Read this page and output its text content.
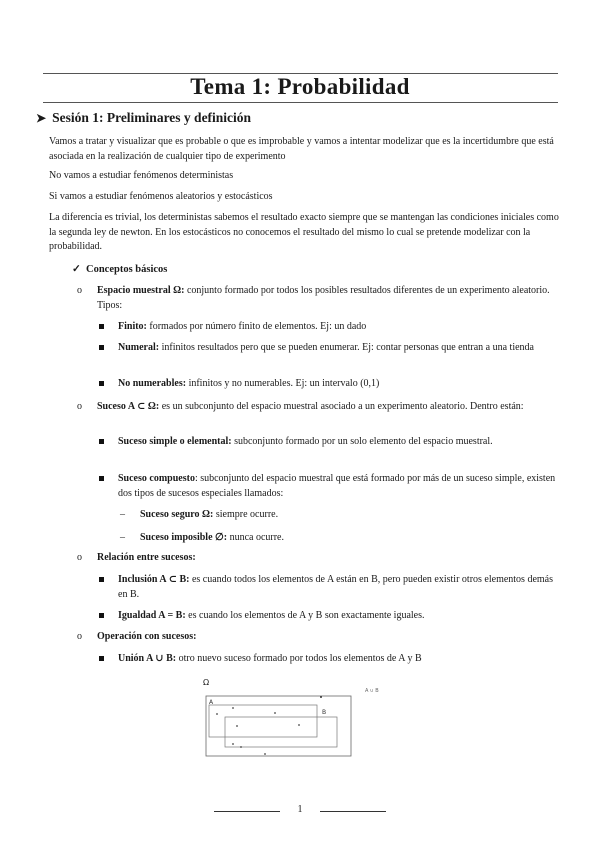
Tema 1: Probabilidad
➤ Sesión 1: Preliminares y definición
Vamos a tratar y visualizar que es probable o que es improbable y vamos a intentar modelizar que es la incertidumbre que está asociada en la realización de cualquier tipo de experimento
No vamos a estudiar fenómenos deterministas
Si vamos a estudiar fenómenos aleatorios y estocásticos
La diferencia es trivial, los deterministas sabemos el resultado exacto siempre que se mantengan las condiciones iniciales como la segunda ley de newton. En los estocásticos no conocemos el resultado del mismo lo cual se pretende modelizar con la probabilidad.
✓ Conceptos básicos
o Espacio muestral Ω: conjunto formado por todos los posibles resultados diferentes de un experimento aleatorio. Tipos:
Finito: formados por número finito de elementos. Ej: un dado
Numeral: infinitos resultados pero que se pueden enumerar. Ej: contar personas que entran a una tienda
No numerables: infinitos y no numerables. Ej: un intervalo (0,1)
o Suceso A ⊂ Ω: es un subconjunto del espacio muestral asociado a un experimento aleatorio. Dentro están:
Suceso simple o elemental: subconjunto formado por un solo elemento del espacio muestral.
Suceso compuesto: subconjunto del espacio muestral que está formado por más de un suceso simple, existen dos tipos de sucesos especiales llamados:
– Suceso seguro Ω: siempre ocurre.
– Suceso imposible ∅: nunca ocurre.
o Relación entre sucesos:
Inclusión A ⊂ B: es cuando todos los elementos de A están en B, pero pueden existir otros elementos demás en B.
Igualdad A = B: es cuando los elementos de A y B son exactamente iguales.
o Operación con sucesos:
Unión A ∪ B: otro nuevo suceso formado por todos los elementos de A y B
Ω
A
B
A ∪ B
1
